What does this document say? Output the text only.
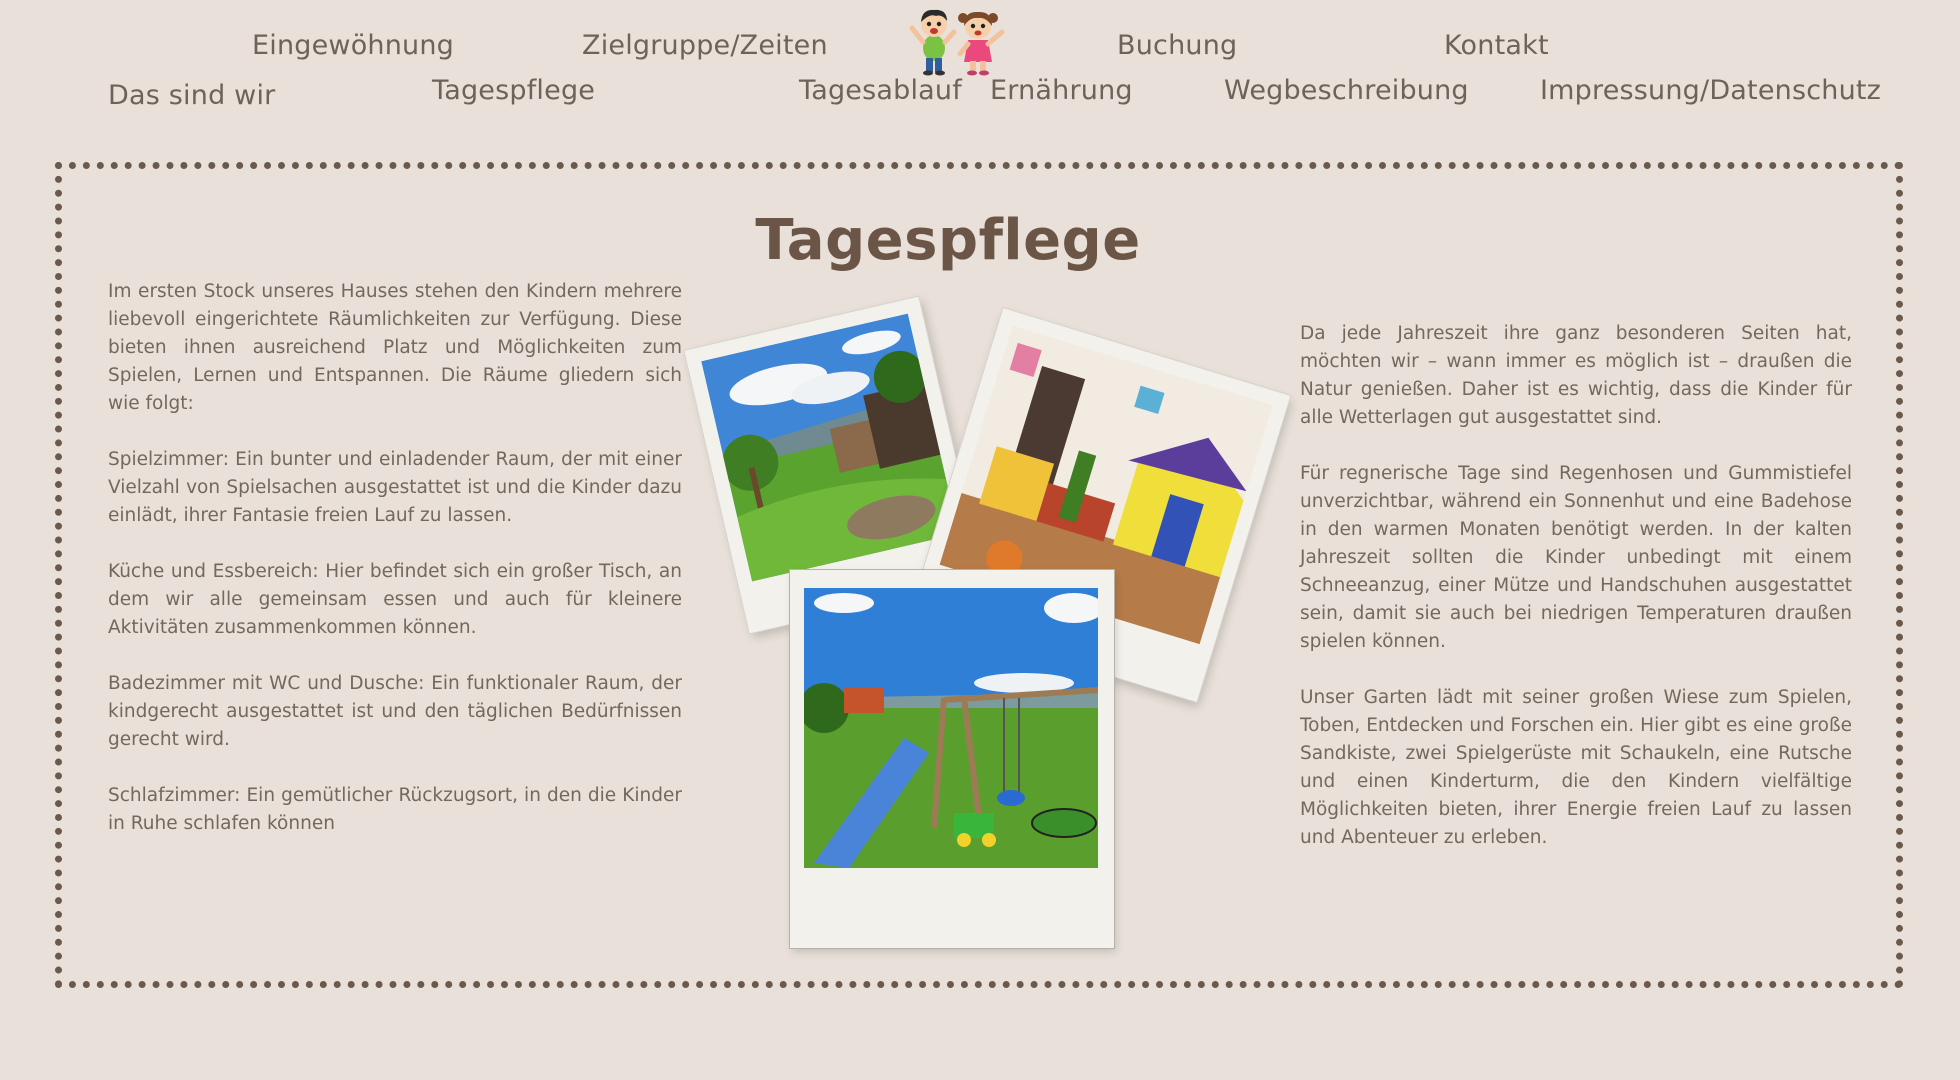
Eingewöhnung	Zielgruppe/Zeiten	Buchung	Kontakt
Das sind wir	Tagespflege	Tagesablauf Ernährung	Wegbeschreibung	Impressung/Datenschutz
Tagespflege

Im ersten Stock unseres Hauses stehen den Kindern mehrere liebevoll eingerichtete Räumlichkeiten zur Verfügung. Diese bieten ihnen ausreichend Platz und Möglichkeiten zum Spielen, Lernen und Entspannen. Die Räume gliedern sich wie folgt:

Spielzimmer: Ein bunter und einladender Raum, der mit einer Vielzahl von Spielsachen ausgestattet ist und die Kinder dazu einlädt, ihrer Fantasie freien Lauf zu lassen.

Küche und Essbereich: Hier befindet sich ein großer Tisch, an dem wir alle gemeinsam essen und auch für kleinere Aktivitäten zusammenkommen können.

Badezimmer mit WC und Dusche: Ein funktionaler Raum, der kindgerecht ausgestattet ist und den täglichen Bedürfnissen gerecht wird.

Schlafzimmer: Ein gemütlicher Rückzugsort, in den die Kinder in Ruhe schlafen können

Da jede Jahreszeit ihre ganz besonderen Seiten hat, möchten wir – wann immer es möglich ist – draußen die Natur genießen. Daher ist es wichtig, dass die Kinder für alle Wetterlagen gut ausgestattet sind.

Für regnerische Tage sind Regenhosen und Gummistiefel unverzichtbar, während ein Sonnenhut und eine Badehose in den warmen Monaten benötigt werden. In der kalten Jahreszeit sollten die Kinder unbedingt mit einem Schneeanzug, einer Mütze und Handschuhen ausgestattet sein, damit sie auch bei niedrigen Temperaturen draußen spielen können.

Unser Garten lädt mit seiner großen Wiese zum Spielen, Toben, Entdecken und Forschen ein. Hier gibt es eine große Sandkiste, zwei Spielgerüste mit Schaukeln, eine Rutsche und einen Kinderturm, die den Kindern vielfältige Möglichkeiten bieten, ihrer Energie freien Lauf zu lassen und Abenteuer zu erleben.
